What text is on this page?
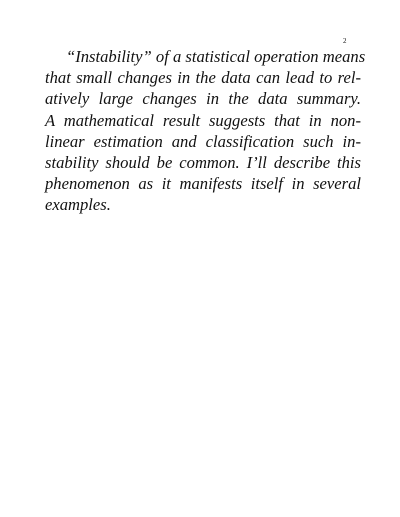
2
“Instability” of a statistical operation means
that small changes in the data can lead to rel-
atively large changes in the data summary.
A mathematical result suggests that in non-
linear estimation and classification such in-
stability should be common. I’ll describe this
phenomenon as it manifests itself in several
examples.
